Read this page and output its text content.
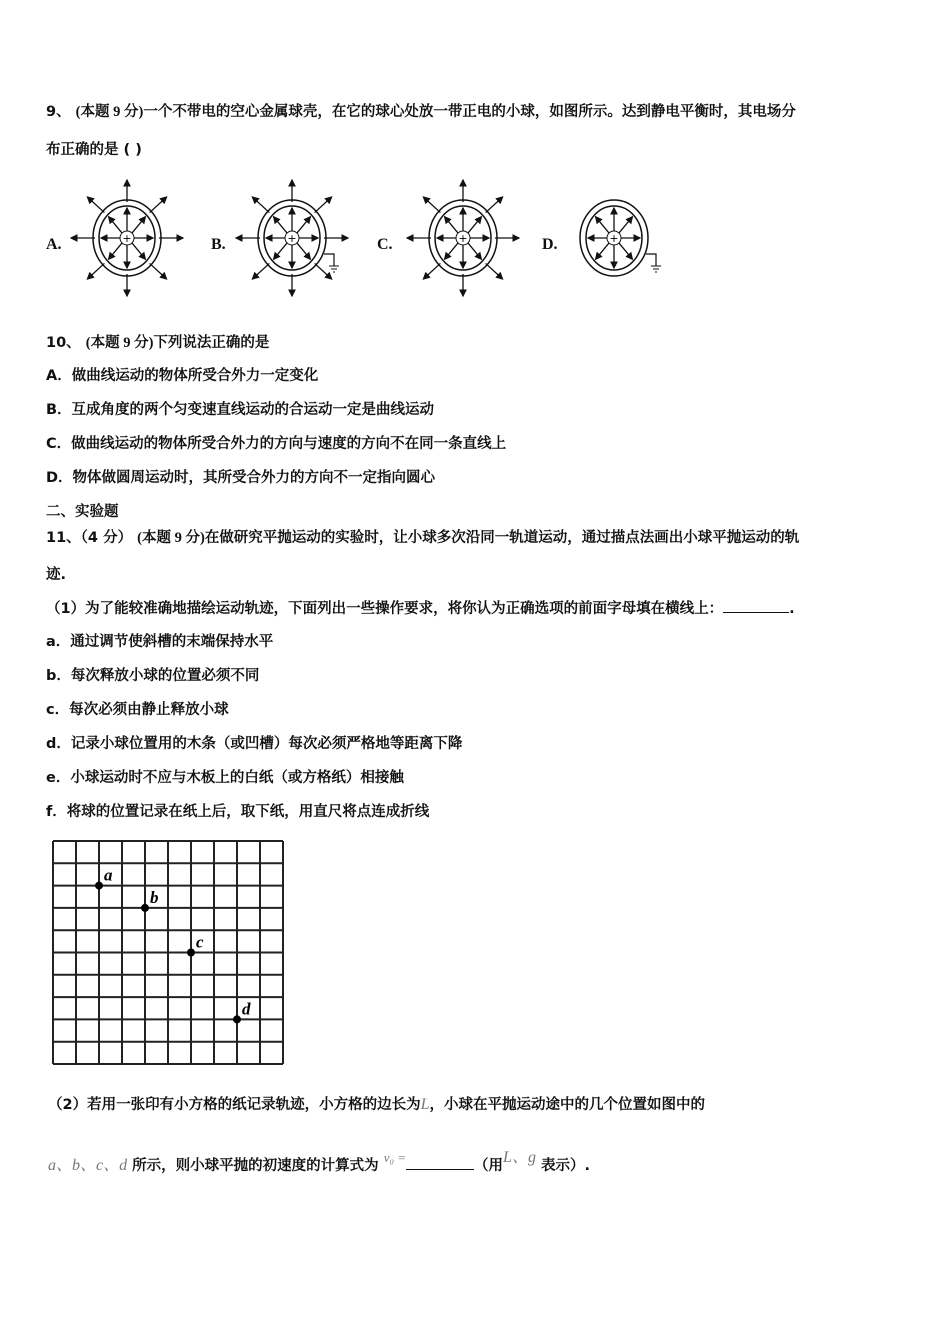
9、 (本题 9 分)一个不带电的空心金属球壳，在它的球心处放一带正电的小球，如图所示。达到静电平衡时，其电场分
布正确的是 ( )
A.	+	B.	+	C.	+	D.	+
10、 (本题 9 分)下列说法正确的是
A．做曲线运动的物体所受合外力一定变化
B．互成角度的两个匀变速直线运动的合运动一定是曲线运动
C．做曲线运动的物体所受合外力的方向与速度的方向不在同一条直线上
D．物体做圆周运动时，其所受合外力的方向不一定指向圆心
二、实验题
11、（4 分） (本题 9 分)在做研究平抛运动的实验时，让小球多次沿同一轨道运动，通过描点法画出小球平抛运动的轨
迹.
（1）为了能较准确地描绘运动轨迹，下面列出一些操作要求，将你认为正确选项的前面字母填在横线上：	.
a．通过调节使斜槽的末端保持水平
b．每次释放小球的位置必须不同
c．每次必须由静止释放小球
d．记录小球位置用的木条（或凹槽）每次必须严格地等距离下降
e．小球运动时不应与木板上的白纸（或方格纸）相接触
f．将球的位置记录在纸上后，取下纸，用直尺将点连成折线
a
b
c
d
（2）若用一张印有小方格的纸记录轨迹，小方格的边长为L，小球在平抛运动途中的几个位置如图中的
a、b、c、d 所示，则小球平抛的初速度的计算式为 v₀ =（用L、g 表示）.
